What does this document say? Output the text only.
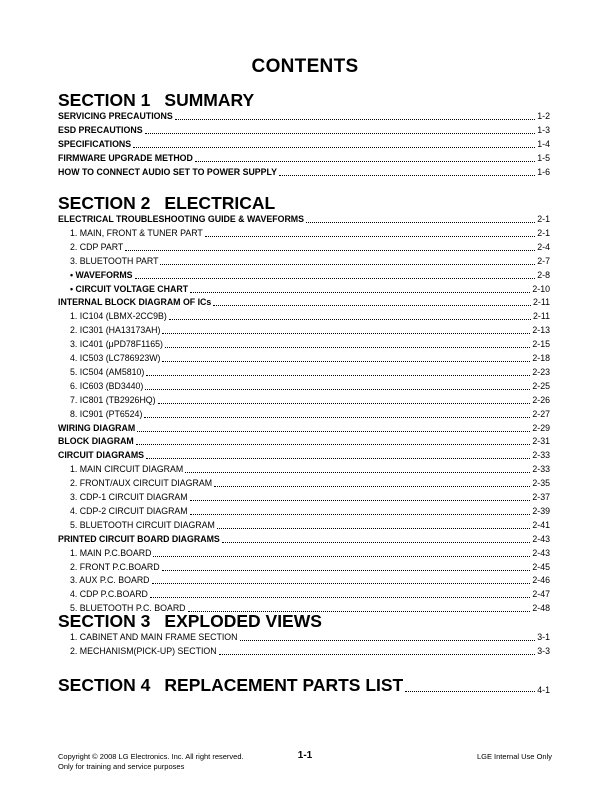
CONTENTS
SECTION 1 SUMMARY
SERVICING PRECAUTIONS	1-2
ESD PRECAUTIONS	1-3
SPECIFICATIONS	1-4
FIRMWARE UPGRADE METHOD	1-5
HOW TO CONNECT AUDIO SET TO POWER SUPPLY	1-6
SECTION 2 ELECTRICAL
ELECTRICAL TROUBLESHOOTING GUIDE & WAVEFORMS	2-1
1. MAIN, FRONT & TUNER PART	2-1
2. CDP PART	2-4
3. BLUETOOTH PART	2-7
• WAVEFORMS	2-8
• CIRCUIT VOLTAGE CHART	2-10
INTERNAL BLOCK DIAGRAM OF ICs	2-11
1. IC104 (LBMX-2CC9B)	2-11
2. IC301 (HA13173AH)	2-13
3. IC401 (μPD78F1165)	2-15
4. IC503 (LC786923W)	2-18
5. IC504 (AM5810)	2-23
6. IC603 (BD3440)	2-25
7. IC801 (TB2926HQ)	2-26
8. IC901 (PT6524)	2-27
WIRING DIAGRAM	2-29
BLOCK DIAGRAM	2-31
CIRCUIT DIAGRAMS	2-33
1. MAIN CIRCUIT DIAGRAM	2-33
2. FRONT/AUX CIRCUIT DIAGRAM	2-35
3. CDP-1 CIRCUIT DIAGRAM	2-37
4. CDP-2 CIRCUIT DIAGRAM	2-39
5. BLUETOOTH CIRCUIT DIAGRAM	2-41
PRINTED CIRCUIT BOARD DIAGRAMS	2-43
1. MAIN P.C.BOARD	2-43
2. FRONT P.C.BOARD	2-45
3. AUX P.C. BOARD	2-46
4. CDP P.C.BOARD	2-47
5. BLUETOOTH P.C. BOARD	2-48
SECTION 3 EXPLODED VIEWS
1. CABINET AND MAIN FRAME SECTION	3-1
2. MECHANISM(PICK-UP) SECTION	3-3
SECTION 4 REPLACEMENT PARTS LIST	4-1
Copyright © 2008 LG Electronics. Inc. All right reserved.
Only for training and service purposes
1-1	LGE Internal Use Only
